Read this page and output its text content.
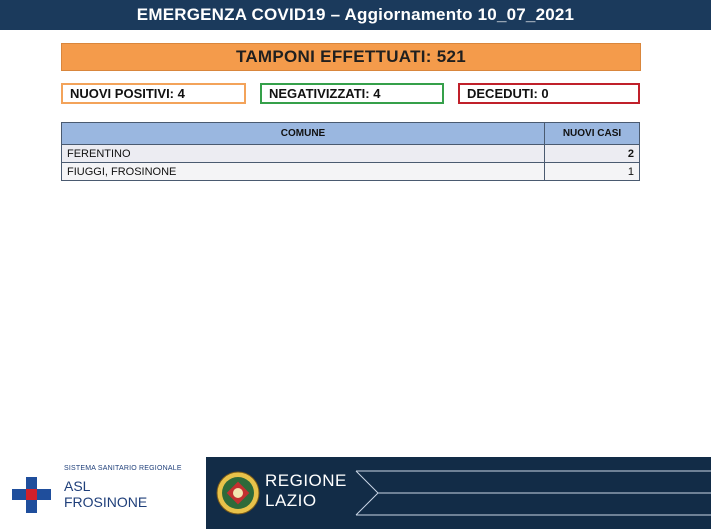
EMERGENZA COVID19 – Aggiornamento 10_07_2021
TAMPONI EFFETTUATI: 521
NUOVI POSITIVI: 4	NEGATIVIZZATI: 4	DECEDUTI: 0
COMUNE	NUOVI CASI
FERENTINO	2
FIUGGI, FROSINONE	1
SISTEMA SANITARIO REGIONALE
ASL
FROSINONE
REGIONE
LAZIO
